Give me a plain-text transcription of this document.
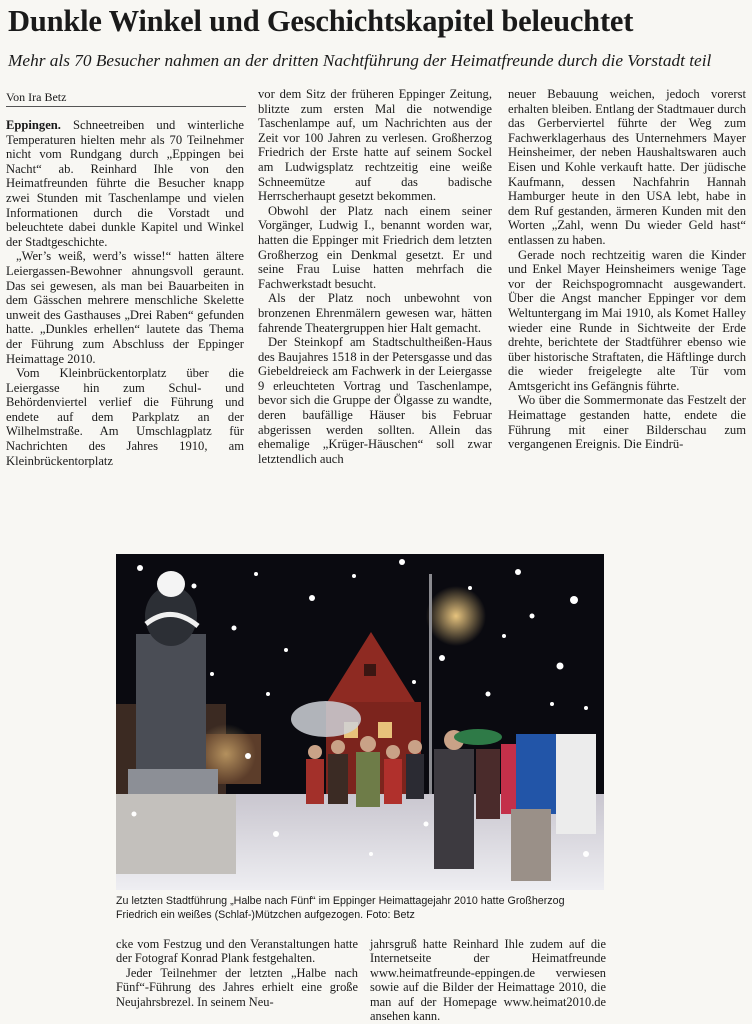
Dunkle Winkel und Geschichtskapitel beleuchtet
Mehr als 70 Besucher nahmen an der dritten Nachtführung der Heimatfreunde durch die Vorstadt teil
Von Ira Betz

Eppingen. Schneetreiben und winterliche Temperaturen hielten mehr als 70 Teilnehmer nicht vom Rundgang durch „Eppingen bei Nacht“ ab. Reinhard Ihle von den Heimatfreunden führte die Besucher knapp zwei Stunden mit Taschenlampe und vielen Informationen durch die Vorstadt und beleuchtete dabei dunkle Kapitel und Winkel der Stadtgeschichte.

„Wer’s weiß, werd’s wisse!“ hatten ältere Leiergassen-Bewohner ahnungsvoll geraunt. Das sei gewesen, als man bei Bauarbeiten in dem Gässchen mehrere menschliche Skelette unweit des Gasthauses „Drei Raben“ gefunden hatte. „Dunkles erhellen“ lautete das Thema der Führung zum Abschluss der Eppinger Heimattage 2010.

Vom Kleinbrückentorplatz über die Leiergasse hin zum Schul- und Behördenviertel verlief die Führung und endete auf dem Parkplatz an der Wilhelmstraße. Am Umschlagplatz für Nachrichten des Jahres 1910, am Kleinbrückentorplatz

vor dem Sitz der früheren Eppinger Zeitung, blitzte zum ersten Mal die notwendige Taschenlampe auf, um Nachrichten aus der Zeit vor 100 Jahren zu verlesen. Großherzog Friedrich der Erste hatte auf seinem Sockel am Ludwigsplatz rechtzeitig eine weiße Schneemütze auf das badische Herrscherhaupt gesetzt bekommen.

Obwohl der Platz nach einem seiner Vorgänger, Ludwig I., benannt worden war, hatten die Eppinger mit Friedrich dem letzten Großherzog ein Denkmal gesetzt. Er und seine Frau Luise hatten mehrfach die Fachwerkstadt besucht.

Als der Platz noch unbewohnt von bronzenen Ehrenmälern gewesen war, hätten fahrende Theatergruppen hier Halt gemacht.

Der Steinkopf am Stadtschultheißen-Haus des Baujahres 1518 in der Petersgasse und das Giebeldreieck am Fachwerk in der Leiergasse 9 erleuchteten Vortrag und Taschenlampe, bevor sich die Gruppe der Ölgasse zu wandte, deren baufällige Häuser bis Februar abgerissen werden sollten. Allein das ehemalige „Krüger-Häuschen“ soll zwar letztendlich auch

neuer Bebauung weichen, jedoch vorerst erhalten bleiben. Entlang der Stadtmauer durch das Gerberviertel führte der Weg zum Fachwerklagerhaus des Unternehmers Mayer Heinsheimer, der neben Haushaltswaren auch Eisen und Kohle verkauft hatte. Der jüdische Kaufmann, dessen Nachfahrin Hannah Hamburger heute in den USA lebt, habe in dem Ruf gestanden, ärmeren Kunden mit den Worten „Zahl, wenn Du wieder Geld hast“ entlassen zu haben.

Gerade noch rechtzeitig waren die Kinder und Enkel Mayer Heinsheimers wenige Tage vor der Reichspogromnacht ausgewandert. Über die Angst mancher Eppinger vor dem Weltuntergang im Mai 1910, als Komet Halley wieder eine Runde in Sichtweite der Erde drehte, berichtete der Stadtführer ebenso wie über historische Straftaten, die Häftlinge durch die wieder freigelegte alte Tür vom Amtsgericht ins Gefängnis führte.

Wo über die Sommermonate das Festzelt der Heimattage gestanden hatte, endete die Führung mit einer Bilderschau zum vergangenen Ereignis. Die Eindrü-

Zu letzten Stadtführung „Halbe nach Fünf“ im Eppinger Heimattagejahr 2010 hatte Großherzog Friedrich ein weißes (Schlaf-)Mützchen aufgezogen. Foto: Betz

cke vom Festzug und den Veranstaltungen hatte der Fotograf Konrad Plank festgehalten.

Jeder Teilnehmer der letzten „Halbe nach Fünf“-Führung des Jahres erhielt eine große Neujahrsbrezel. In seinem Neu-

jahrsgruß hatte Reinhard Ihle zudem auf die Internetseite der Heimatfreunde www.heimatfreunde-eppingen.de verwiesen sowie auf die Bilder der Heimattage 2010, die man auf der Homepage www.heimat2010.de ansehen kann.
